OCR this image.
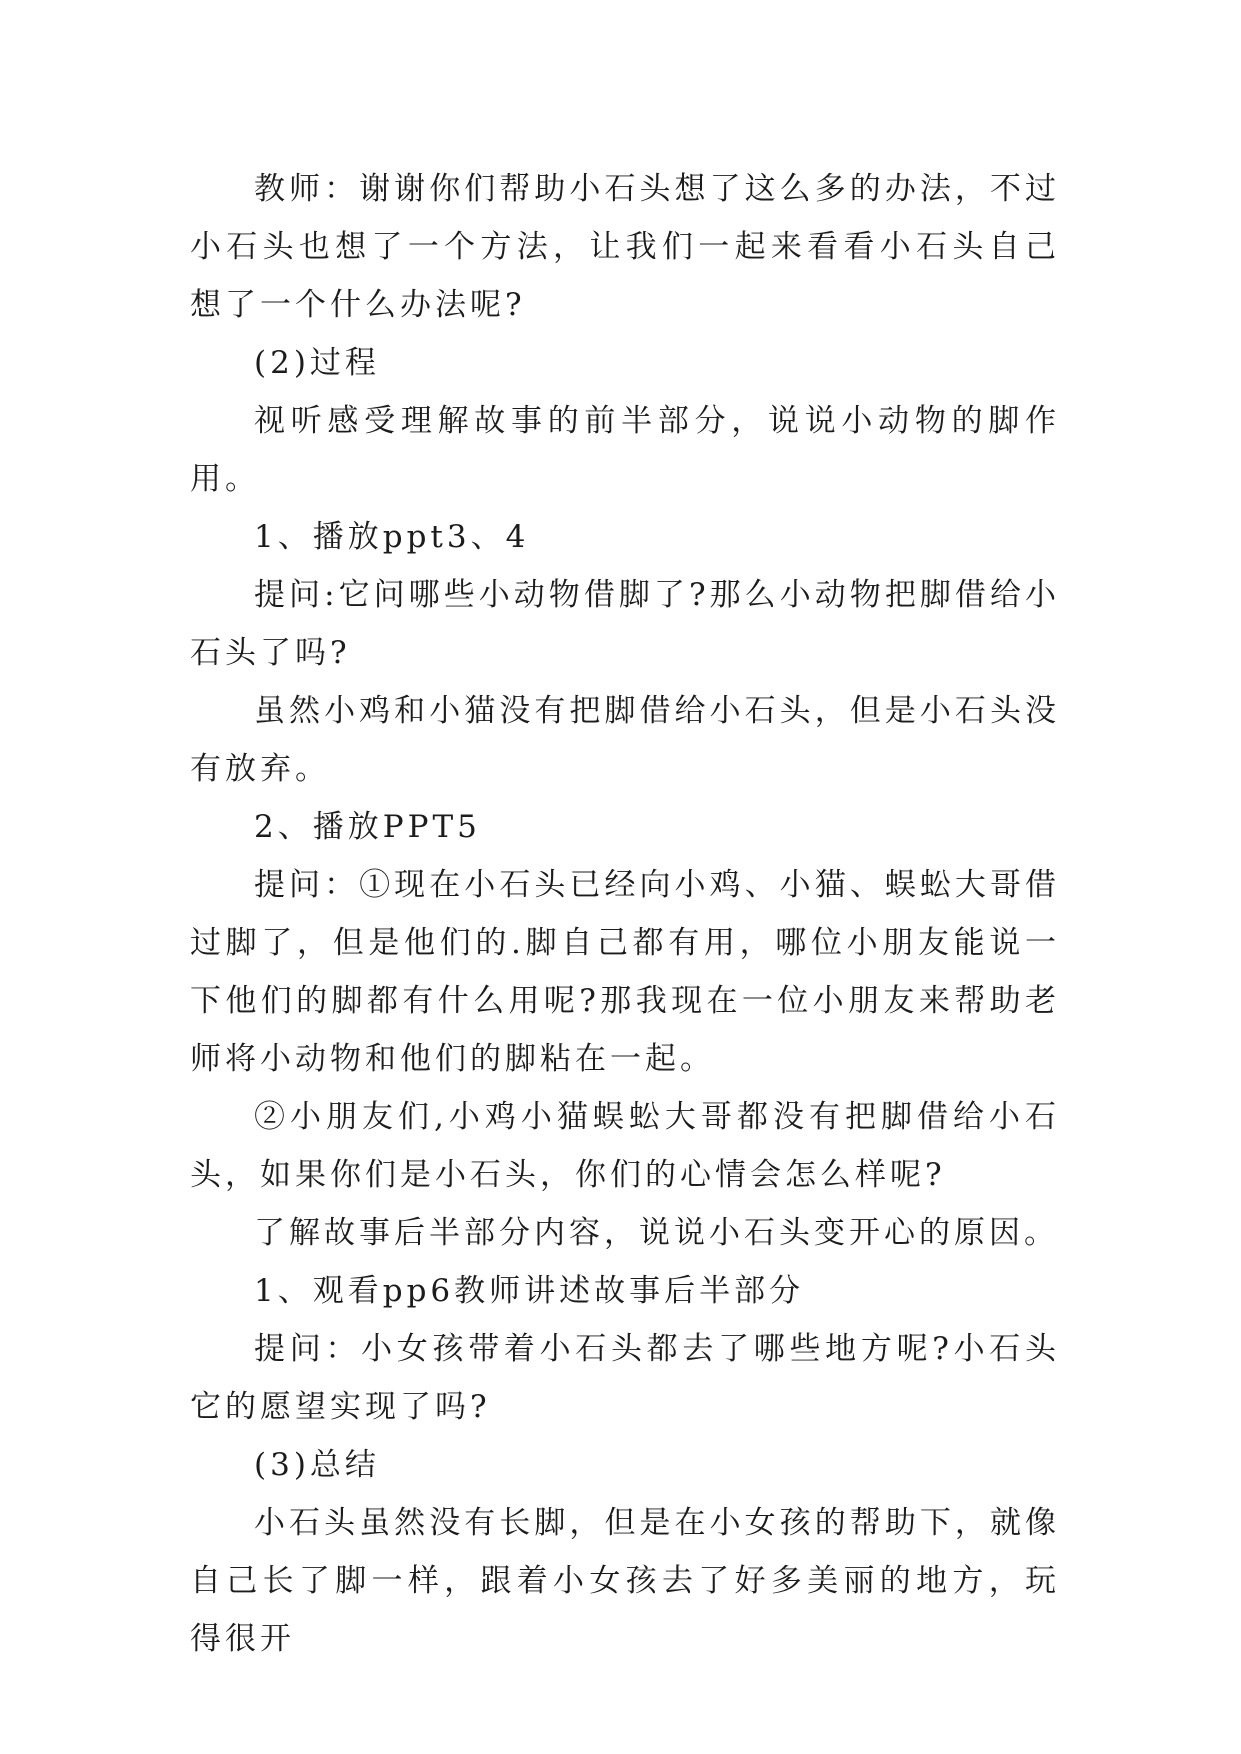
教师：谢谢你们帮助小石头想了这么多的办法，不过小石头也想了一个方法，让我们一起来看看小石头自己想了一个什么办法呢?

(2)过程

视听感受理解故事的前半部分，说说小动物的脚作用。

1、播放ppt3、4

提问:它问哪些小动物借脚了?那么小动物把脚借给小石头了吗?

虽然小鸡和小猫没有把脚借给小石头，但是小石头没有放弃。

2、播放PPT5

提问：①现在小石头已经向小鸡、小猫、蜈蚣大哥借过脚了，但是他们的.脚自己都有用，哪位小朋友能说一下他们的脚都有什么用呢?那我现在一位小朋友来帮助老师将小动物和他们的脚粘在一起。

②小朋友们,小鸡小猫蜈蚣大哥都没有把脚借给小石头，如果你们是小石头，你们的心情会怎么样呢?

了解故事后半部分内容，说说小石头变开心的原因。

1、观看pp6教师讲述故事后半部分

提问：小女孩带着小石头都去了哪些地方呢?小石头它的愿望实现了吗?

(3)总结

小石头虽然没有长脚，但是在小女孩的帮助下，就像自己长了脚一样，跟着小女孩去了好多美丽的地方，玩得很开
